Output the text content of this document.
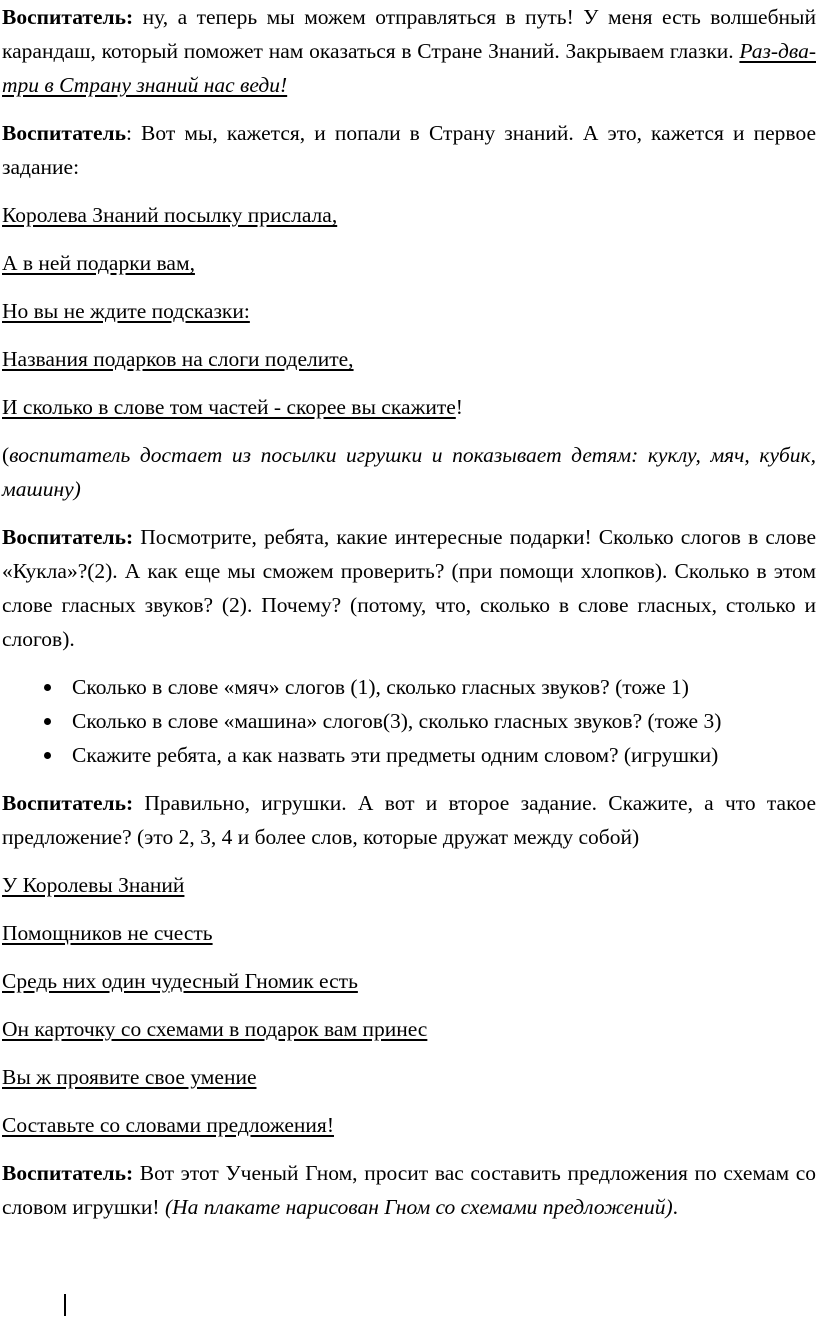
Воспитатель: ну, а теперь мы можем отправляться в путь! У меня есть волшебный карандаш, который поможет нам оказаться в Стране Знаний. Закрываем глазки. Раз-два-три в Страну знаний нас веди!

Воспитатель: Вот мы, кажется, и попали в Страну знаний. А это, кажется и первое задание:

Королева Знаний посылку прислала,

А в ней подарки вам,

Но вы не ждите подсказки:

Названия подарков на слоги поделите,

И сколько в слове том частей - скорее вы скажите!

(воспитатель достает из посылки игрушки и показывает детям: куклу, мяч, кубик, машину)

Воспитатель: Посмотрите, ребята, какие интересные подарки! Сколько слогов в слове «Кукла»?(2). А как еще мы сможем проверить? (при помощи хлопков). Сколько в этом слове гласных звуков? (2). Почему? (потому, что, сколько в слове гласных, столько и слогов).

Сколько в слове «мяч» слогов (1), сколько гласных звуков? (тоже 1)
Сколько в слове «машина» слогов(3), сколько гласных звуков? (тоже 3)
Скажите ребята, а как назвать эти предметы одним словом? (игрушки)

Воспитатель: Правильно, игрушки. А вот и второе задание. Скажите, а что такое предложение? (это 2, 3, 4 и более слов, которые дружат между собой)

У Королевы Знаний

Помощников не счесть

Средь них один чудесный Гномик есть

Он карточку со схемами в подарок вам принес

Вы ж проявите свое умение

Составьте со словами предложения!

Воспитатель: Вот этот Ученый Гном, просит вас составить предложения по схемам со словом игрушки! (На плакате нарисован Гном со схемами предложений).
